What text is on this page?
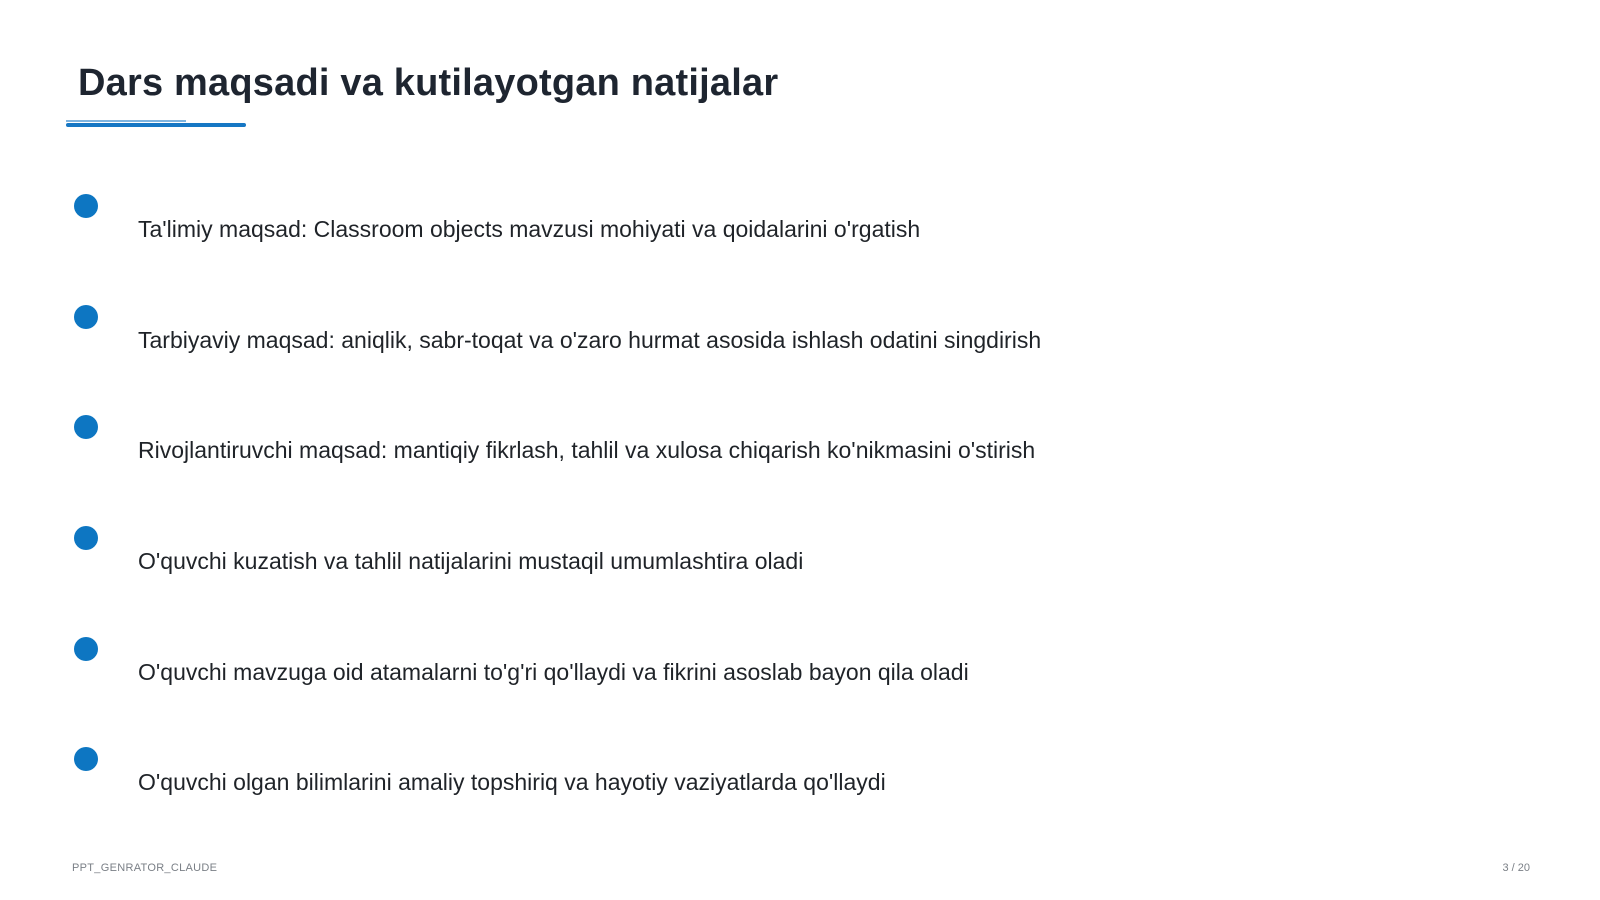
Dars maqsadi va kutilayotgan natijalar
Ta'limiy maqsad: Classroom objects mavzusi mohiyati va qoidalarini o'rgatish
Tarbiyaviy maqsad: aniqlik, sabr-toqat va o'zaro hurmat asosida ishlash odatini singdirish
Rivojlantiruvchi maqsad: mantiqiy fikrlash, tahlil va xulosa chiqarish ko'nikmasini o'stirish
O'quvchi kuzatish va tahlil natijalarini mustaqil umumlashtira oladi
O'quvchi mavzuga oid atamalarni to'g'ri qo'llaydi va fikrini asoslab bayon qila oladi
O'quvchi olgan bilimlarini amaliy topshiriq va hayotiy vaziyatlarda qo'llaydi
PPT_GENRATOR_CLAUDE	3 / 20
